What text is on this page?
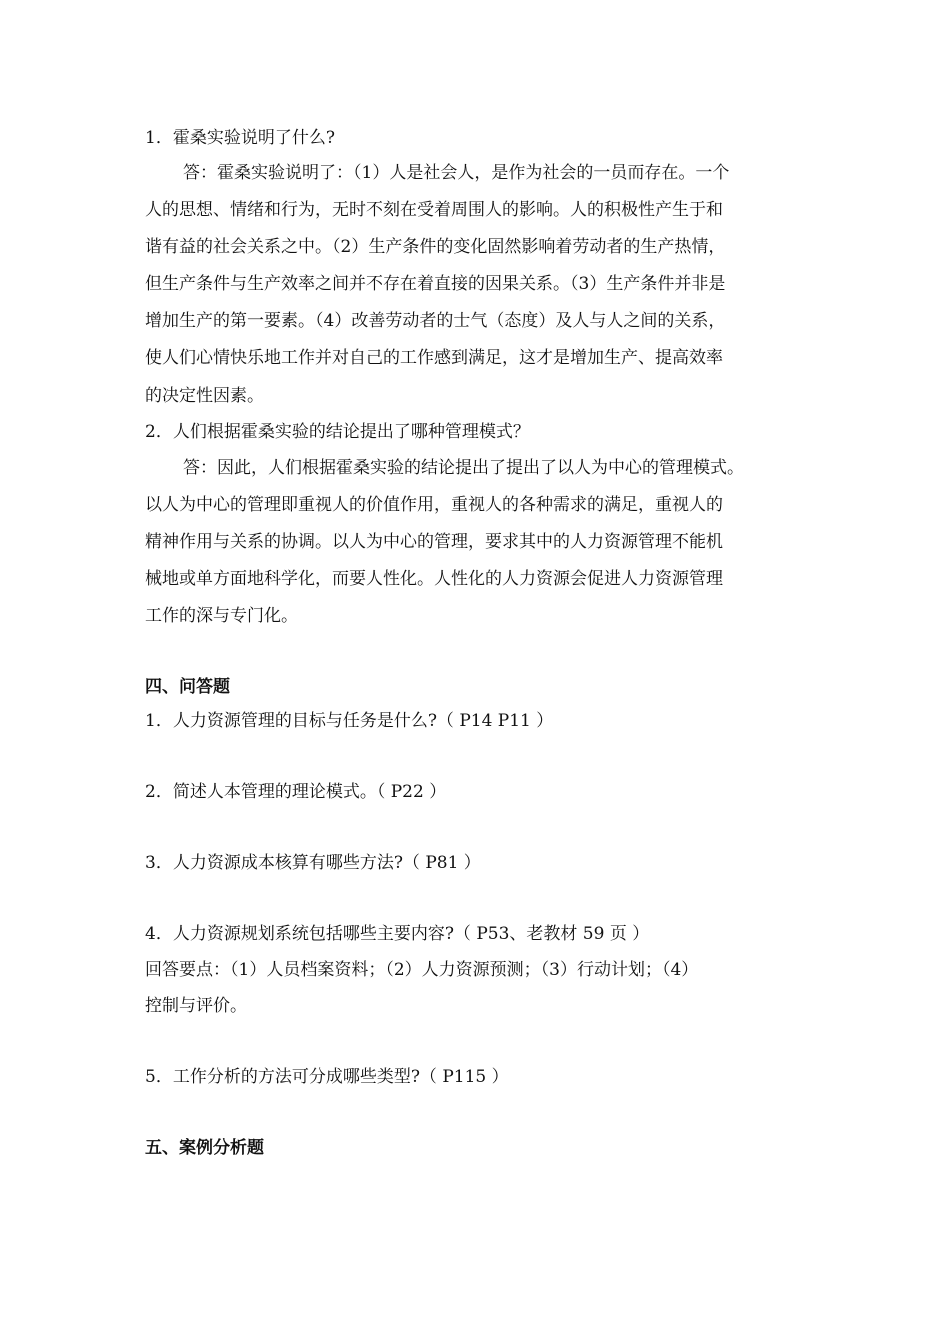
1．霍桑实验说明了什么?
答：霍桑实验说明了：（1）人是社会人，是作为社会的一员而存在。一个
人的思想、情绪和行为，无时不刻在受着周围人的影响。人的积极性产生于和
谐有益的社会关系之中。（2）生产条件的变化固然影响着劳动者的生产热情，
但生产条件与生产效率之间并不存在着直接的因果关系。（3）生产条件并非是
增加生产的第一要素。（4）改善劳动者的士气（态度）及人与人之间的关系，
使人们心情快乐地工作并对自己的工作感到满足，这才是增加生产、提高效率
的决定性因素。
2．人们根据霍桑实验的结论提出了哪种管理模式？
答：因此，人们根据霍桑实验的结论提出了提出了以人为中心的管理模式。
以人为中心的管理即重视人的价值作用，重视人的各种需求的满足，重视人的
精神作用与关系的协调。以人为中心的管理，要求其中的人力资源管理不能机
械地或单方面地科学化，而要人性化。人性化的人力资源会促进人力资源管理
工作的深与专门化。
四、问答题
1．人力资源管理的目标与任务是什么?（ P14 P11 ）
2．简述人本管理的理论模式。（ P22 ）
3．人力资源成本核算有哪些方法?（ P81 ）
4．人力资源规划系统包括哪些主要内容?（ P53、老教材 59 页 ）
回答要点：（1）人员档案资料；（2）人力资源预测；（3）行动计划；（4）
控制与评价。
5．工作分析的方法可分成哪些类型?（ P115 ）
五、案例分析题
